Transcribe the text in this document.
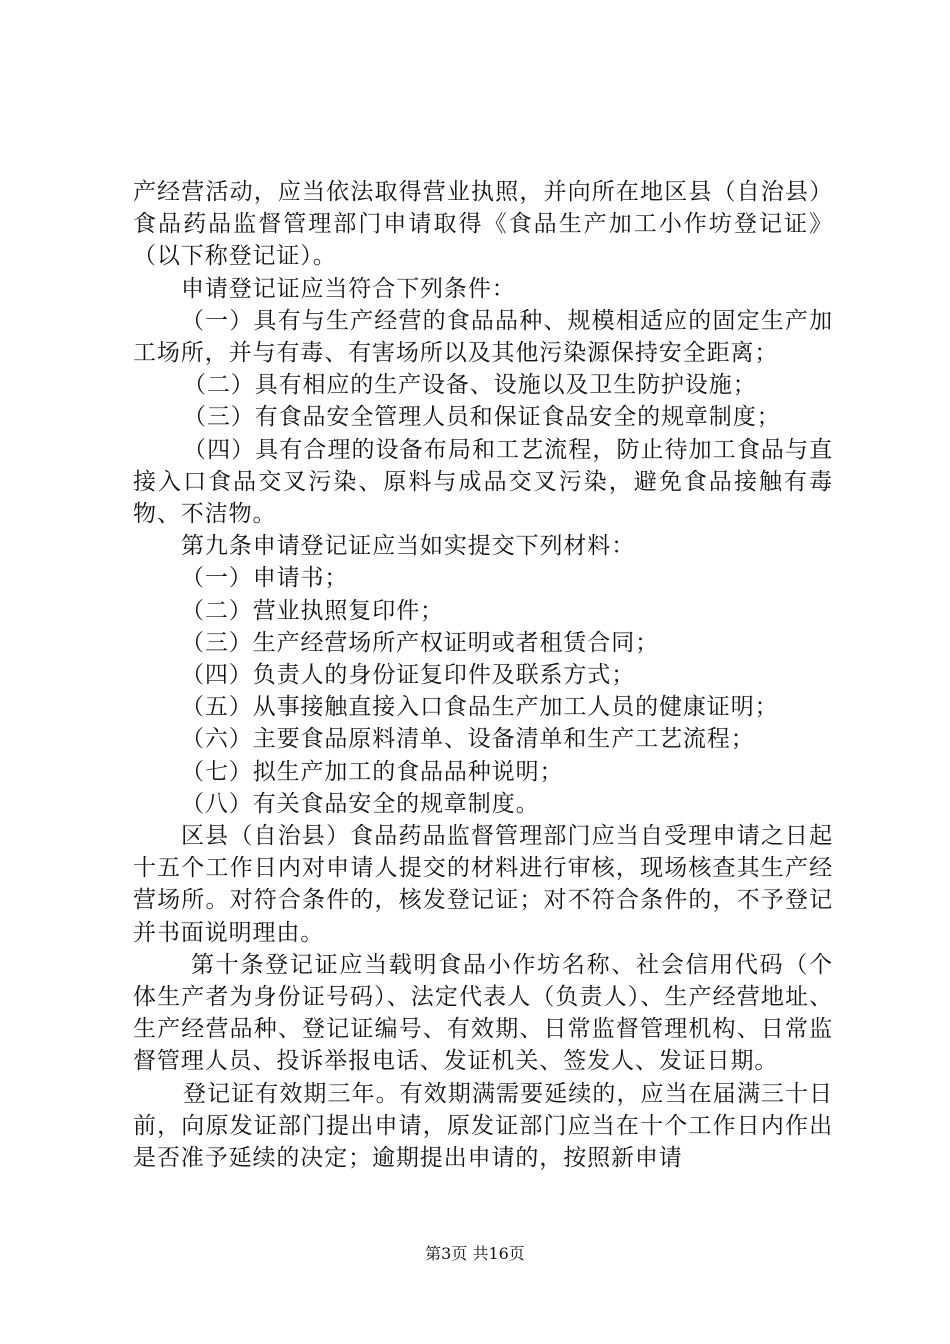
产经营活动，应当依法取得营业执照，并向所在地区县（自治县）食品药品监督管理部门申请取得《食品生产加工小作坊登记证》（以下称登记证）。

申请登记证应当符合下列条件：

（一）具有与生产经营的食品品种、规模相适应的固定生产加工场所，并与有毒、有害场所以及其他污染源保持安全距离；

（二）具有相应的生产设备、设施以及卫生防护设施；

（三）有食品安全管理人员和保证食品安全的规章制度；

（四）具有合理的设备布局和工艺流程，防止待加工食品与直接入口食品交叉污染、原料与成品交叉污染，避免食品接触有毒物、不洁物。

第九条申请登记证应当如实提交下列材料：

（一）申请书；

（二）营业执照复印件；

（三）生产经营场所产权证明或者租赁合同；

（四）负责人的身份证复印件及联系方式；

（五）从事接触直接入口食品生产加工人员的健康证明；

（六）主要食品原料清单、设备清单和生产工艺流程；

（七）拟生产加工的食品品种说明；

（八）有关食品安全的规章制度。

区县（自治县）食品药品监督管理部门应当自受理申请之日起十五个工作日内对申请人提交的材料进行审核，现场核查其生产经营场所。对符合条件的，核发登记证；对不符合条件的，不予登记并书面说明理由。

第十条登记证应当载明食品小作坊名称、社会信用代码（个体生产者为身份证号码）、法定代表人（负责人）、生产经营地址、生产经营品种、登记证编号、有效期、日常监督管理机构、日常监督管理人员、投诉举报电话、发证机关、签发人、发证日期。

登记证有效期三年。有效期满需要延续的，应当在届满三十日前，向原发证部门提出申请，原发证部门应当在十个工作日内作出是否准予延续的决定；逾期提出申请的，按照新申请

第3页 共16页
